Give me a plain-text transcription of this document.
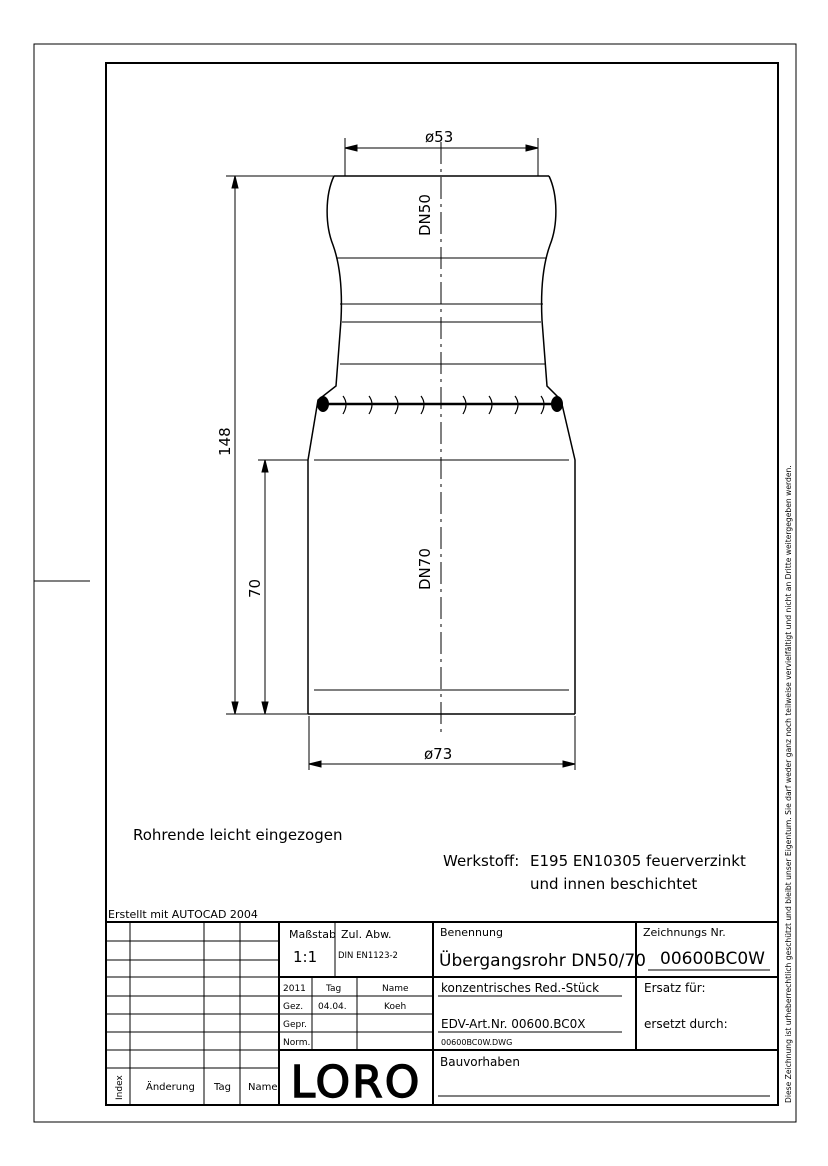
Diese Zeichnung ist urheberrechtlich geschützt und bleibt unser Eigentum. Sie darf weder ganz noch teilweise vervielfältigt und nicht an Dritte weitergegeben werden.
ø53
ø73
148
70
DN50
DN70
Rohrende leicht eingezogen
Werkstoff: E195 EN10305 feuerverzinkt
und innen beschichtet
Erstellt mit AUTOCAD 2004
Index Änderung Tag Name
Maßstab
1:1
Zul. Abw.
DIN EN1123-2
2011 Tag	Name
Gez. 04.04.	Koeh
Gepr.
Norm.
Benennung
Übergangsrohr DN50/70
konzentrisches Red.-Stück
EDV-Art.Nr. 00600.BC0X
00600BC0W.DWG
Bauvorhaben
Zeichnungs Nr.
00600BC0W
Ersatz für:
ersetzt durch:
LORO
